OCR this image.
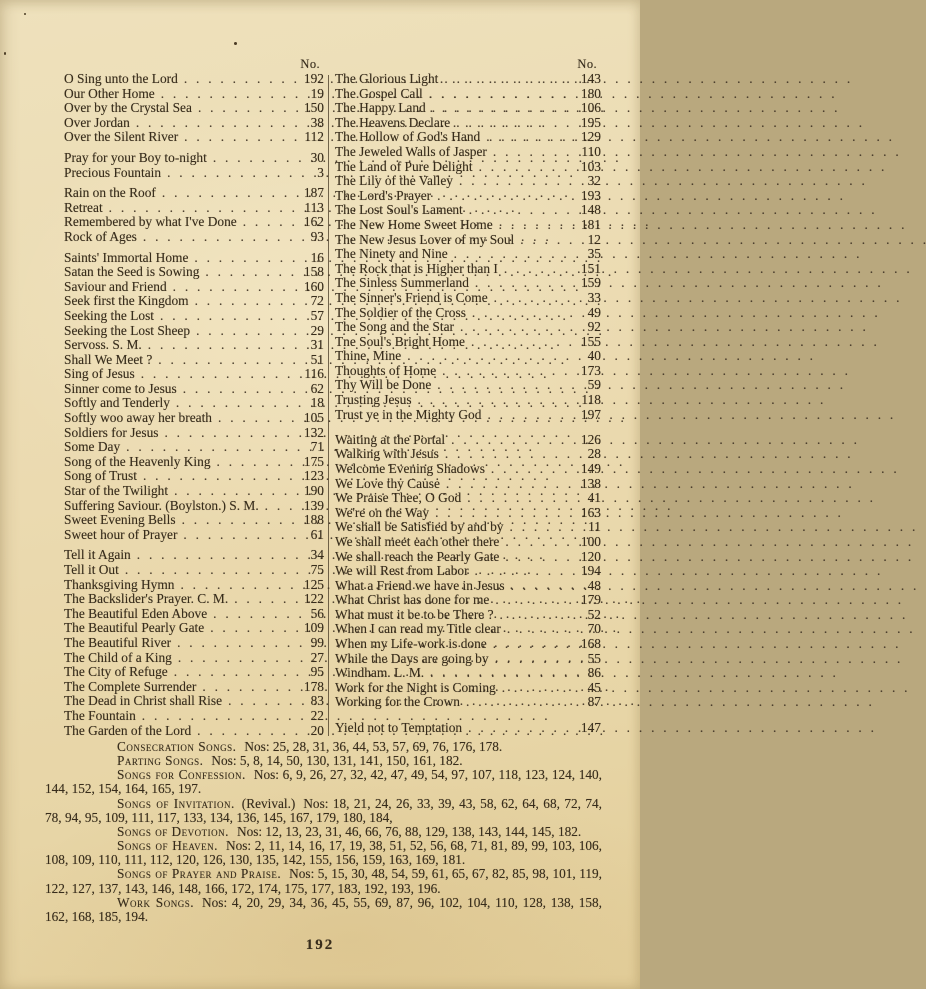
No.
O Sing unto the Lord . . .	192
Our Other Home . . .	19
Over by the Crystal Sea . . .	150
Over Jordan . . .	38
Over the Silent River . . .	112
Pray for your Boy to-night . . .	30
Precious Fountain . . .	3
Rain on the Roof . . .	187
Retreat . . .	113
Remembered by what I've Done . . .	162
Rock of Ages . . .	93
Saints' Immortal Home . . .	16
Satan the Seed is Sowing . . .	158
Saviour and Friend . . .	160
Seek first the Kingdom . . .	72
Seeking the Lost . . .	57
Seeking the Lost Sheep . . .	29
Servoss. S. M. . . .	31
Shall We Meet ? . . .	51
Sing of Jesus . . .	116
Sinner come to Jesus . . .	62
Softly and Tenderly . . .	18
Softly woo away her breath . . .	105
Soldiers for Jesus . . .	132
Some Day . . .	71
Song of the Heavenly King . . .	175
Song of Trust . . .	123
Star of the Twilight . . .	190
Suffering Saviour. (Boylston.) S. M. . . .	139
Sweet Evening Bells . . .	188
Sweet hour of Prayer . . .	61
Tell it Again . . .	34
Tell it Out . . .	75
Thanksgiving Hymn . . .	125
The Backslider's Prayer. C. M. . . .	122
The Beautiful Eden Above . . .	56
The Beautiful Pearly Gate . . .	109
The Beautiful River . . .	99
The Child of a King . . .	27
The City of Refuge . . .	95
The Complete Surrender . . .	178
The Dead in Christ shall Rise . . .	83
The Fountain . . .	22
The Garden of the Lord . . .	20
No.
The Glorious Light . . .	143
The Gospel Call . . .	180
The Happy Land . . .	106
The Heavens Declare . . .	195
The Hollow of God's Hand . . .	129
The Jeweled Walls of Jasper . . .	110
The Land of Pure Delight . . .	103
The Lily of the Valley . . .	32
The Lord's Prayer . . .	193
The Lost Soul's Lament . . .	148
The New Home Sweet Home . . .	181
The New Jesus Lover of my Soul . . .	12
The Ninety and Nine . . .	35
The Rock that is Higher than I . . .	151
The Sinless Summerland . . .	159
The Sinner's Friend is Come . . .	33
The Soldier of the Cross . . .	49
The Song and the Star . . .	92
Tne Soul's Bright Home . . .	155
Thine, Mine . . .	40
Thoughts of Home . . .	173
Thy Will be Done . . .	59
Trusting Jesus . . .	118
Trust ye in the Mighty God . . .	197
Waiting at the Portal . . .	126
Walking with Jesus . . .	28
Welcome Evening Shadows . . .	149
We Love thy Cause . . .	138
We Praise Thee, O God . . .	41
We're on the Way . . .	163
We shall be Satisfied by and by . . .	11
We shall meet each other there . . .	100
We shall reach the Pearly Gate . . .	120
We will Rest from Labor . . .	194
What a Friend we have in Jesus . . .	48
What Christ has done for me . . .	179
What must it be to be There ? . . .	52
When I can read my Title clear . . .	70
When my Life-work is done . . .	168
While the Days are going by . . .	55
Windham. L. M. . . .	86
Work for the Night is Coming . . .	45
Working for the Crown . . .	87
Yield not to Temptation . . .	147

Consecration Songs. Nos: 25, 28, 31, 36, 44, 53, 57, 69, 76, 176, 178.

Parting Songs. Nos: 5, 8, 14, 50, 130, 131, 141, 150, 161, 182.

Songs for Confession. Nos: 6, 9, 26, 27, 32, 42, 47, 49, 54, 97, 107, 118, 123, 124, 140, 144, 152, 154, 164, 165, 197.

Songs of Invitation. (Revival.) Nos: 18, 21, 24, 26, 33, 39, 43, 58, 62, 64, 68, 72, 74, 78, 94, 95, 109, 111, 117, 133, 134, 136, 145, 167, 179, 180, 184,

Songs of Devotion. Nos: 12, 13, 23, 31, 46, 66, 76, 88, 129, 138, 143, 144, 145, 182.

Songs of Heaven. Nos: 2, 11, 14, 16, 17, 19, 38, 51, 52, 56, 68, 71, 81, 89, 99, 103, 106, 108, 109, 110, 111, 112, 120, 126, 130, 135, 142, 155, 156, 159, 163, 169, 181.

Songs of Prayer and Praise. Nos: 5, 15, 30, 48, 54, 59, 61, 65, 67, 82, 85, 98, 101, 119, 122, 127, 137, 143, 146, 148, 166, 172, 174, 175, 177, 183, 192, 193, 196.

Work Songs. Nos: 4, 20, 29, 34, 36, 45, 55, 69, 87, 96, 102, 104, 110, 128, 138, 158, 162, 168, 185, 194.

192
